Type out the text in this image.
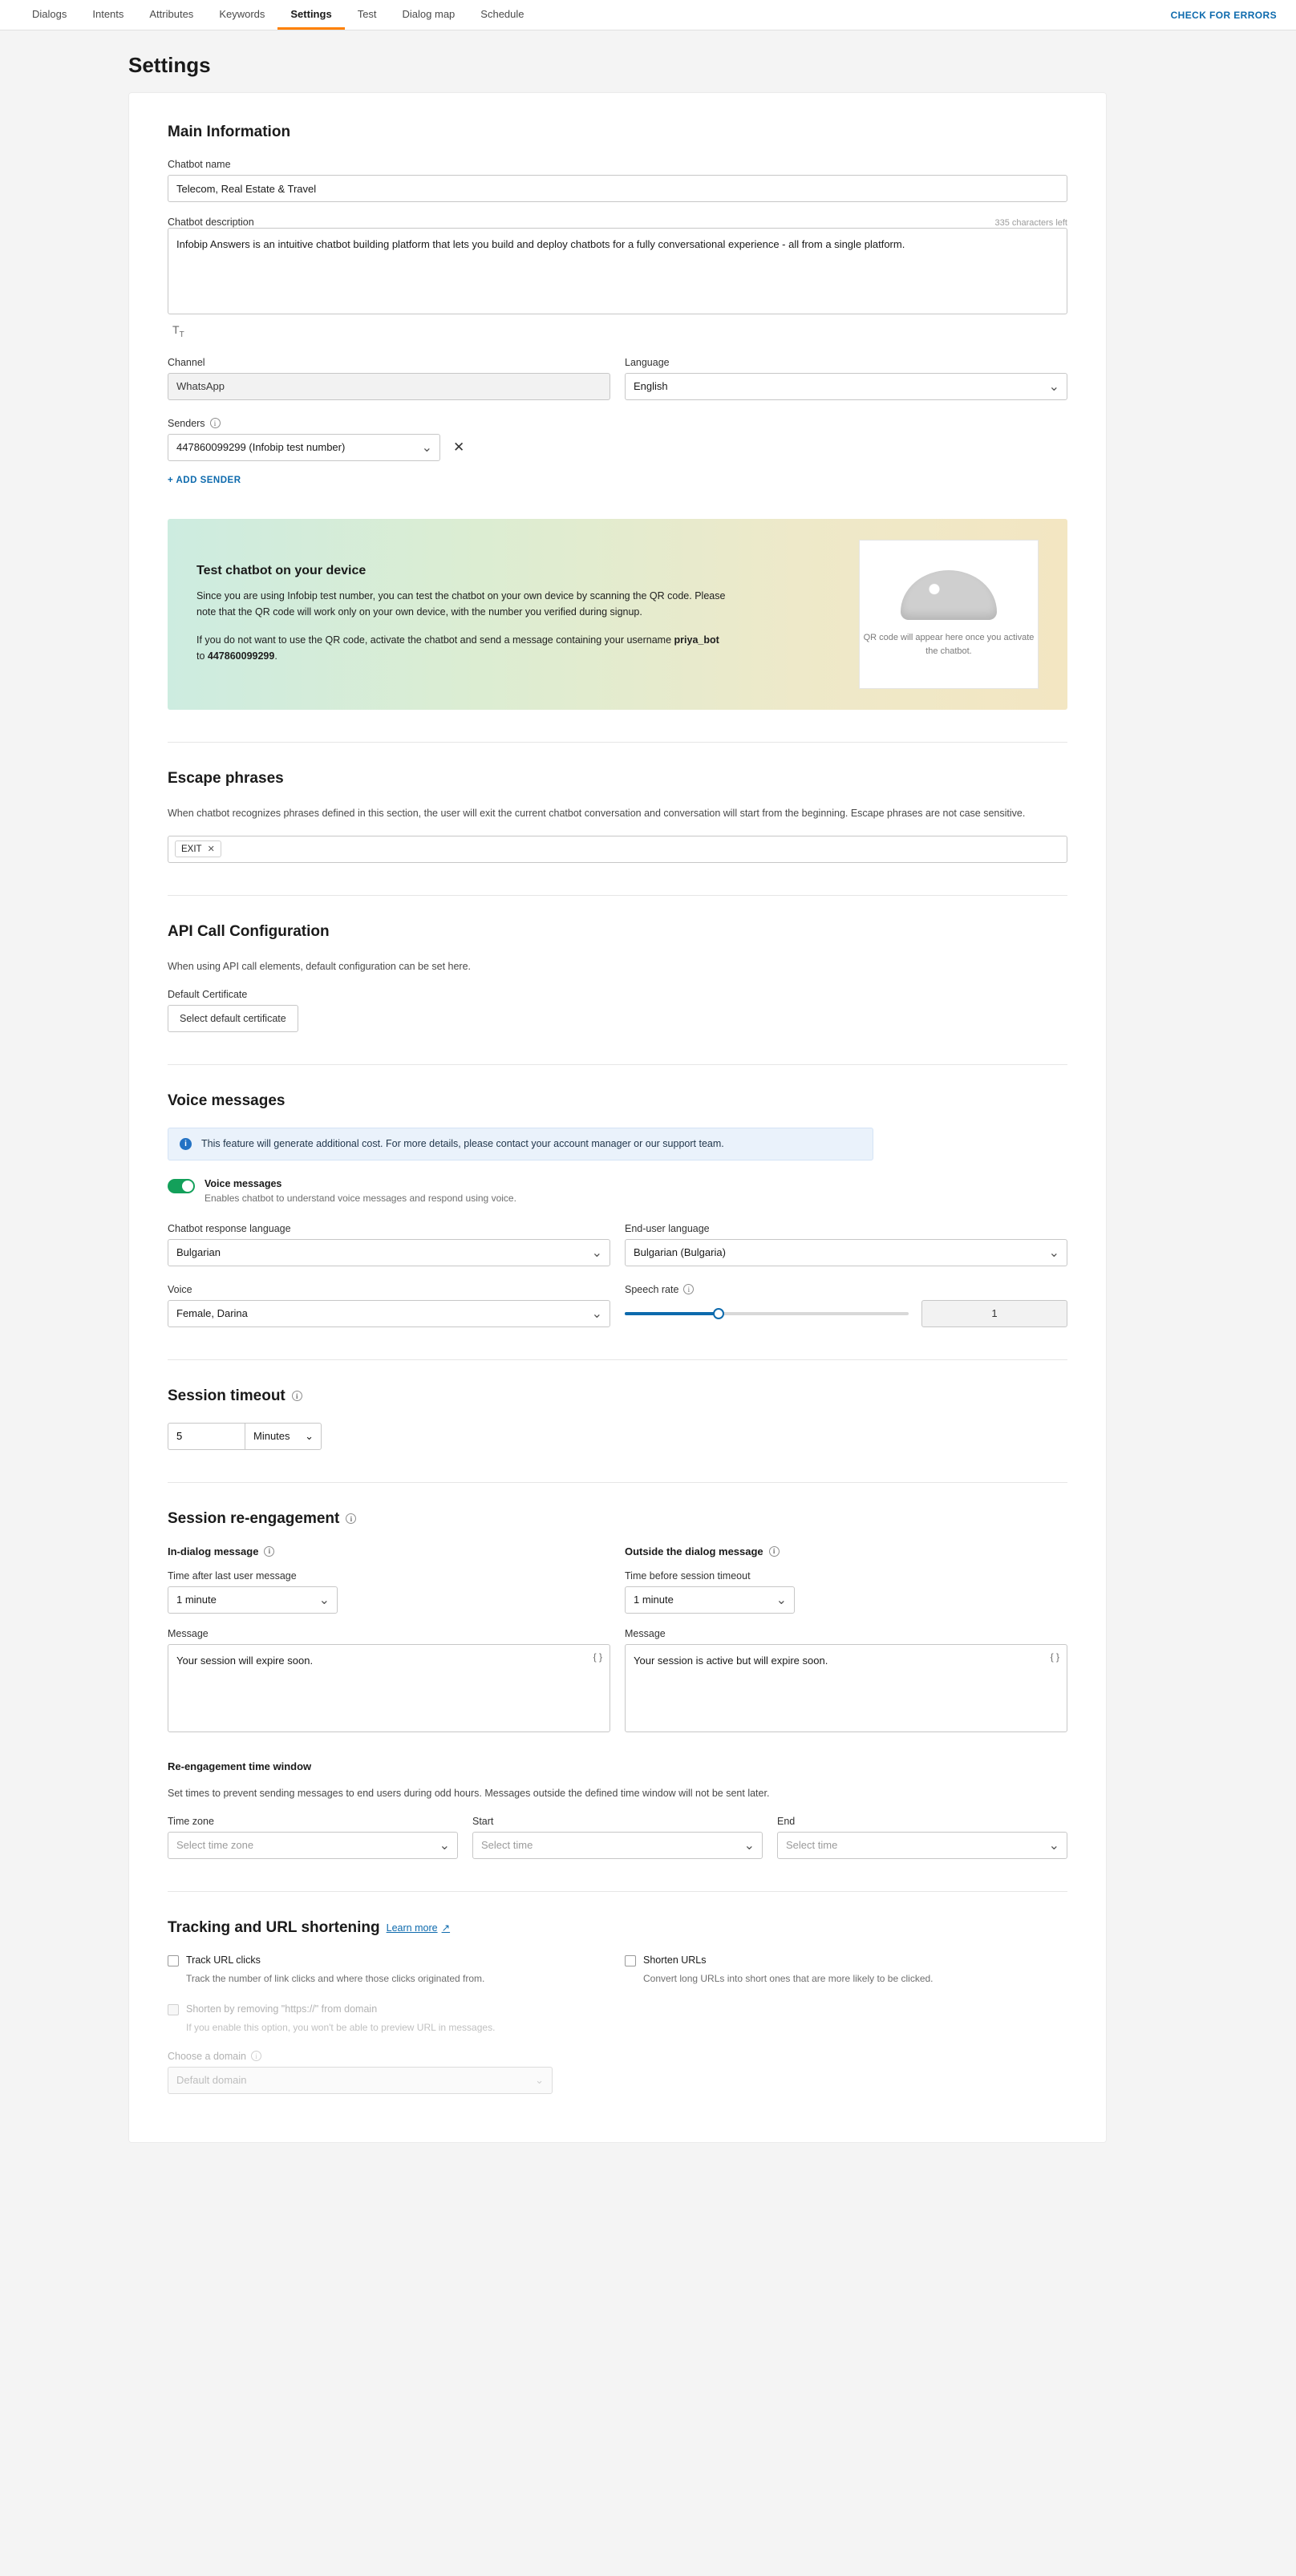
Dialogs Intents Attributes Keywords Settings Test Dialog map Schedule	CHECK FOR ERRORS
Settings
Main Information
Chatbot name
Telecom, Real Estate & Travel
Chatbot description	335 characters left
Infobip Answers is an intuitive chatbot building platform that lets you build and deploy chatbots for a fully conversational experience - all from a single platform.
$T_T$
Channel
WhatsApp
Language
English	⌄
Senders	i
447860099299 (Infobip test number)	⌄ ✕
+ ADD SENDER
Test chatbot on your device

Since you are using Infobip test number, you can test the chatbot on your own device by scanning the QR code. Please note that the QR code will work only on your own device, with the number you verified during signup.

If you do not want to use the QR code, activate the chatbot and send a message containing your username priya_bot to 447860099299.

QR code will appear here once you activate the chatbot.
Escape phrases

When chatbot recognizes phrases defined in this section, the user will exit the current chatbot conversation and conversation will start from the beginning. Escape phrases are not case sensitive.

EXIT ✕
API Call Configuration

When using API call elements, default configuration can be set here.

Default Certificate
Select default certificate
Voice messages
i	This feature will generate additional cost. For more details, please contact your account manager or our support team.
Voice messages
Enables chatbot to understand voice messages and respond using voice.
Chatbot response language
Bulgarian	⌄
End-user language
Bulgarian (Bulgaria)	⌄
Voice
Female, Darina	⌄
Speech rate	i
1
Session timeout	i
5
Minutes ⌄
Session re-engagement	i
In-dialog message	i
Time after last user message
1 minute	⌄
Message
Your session will expire soon.
{ }
Outside the dialog message	i
Time before session timeout
1 minute	⌄
Message
Your session is active but will expire soon.
{ }
Re-engagement time window

Set times to prevent sending messages to end users during odd hours. Messages outside the defined time window will not be sent later.

Time zone
Select time zone	⌄
Start
Select time	⌄
End
Select time	⌄
Tracking and URL shortening Learn more ↗
Track URL clicks
Track the number of link clicks and where those clicks originated from.
Shorten by removing "https://" from domain
If you enable this option, you won't be able to preview URL in messages.
Choose a domain	i
Default domain	⌄
Shorten URLs
Convert long URLs into short ones that are more likely to be clicked.
